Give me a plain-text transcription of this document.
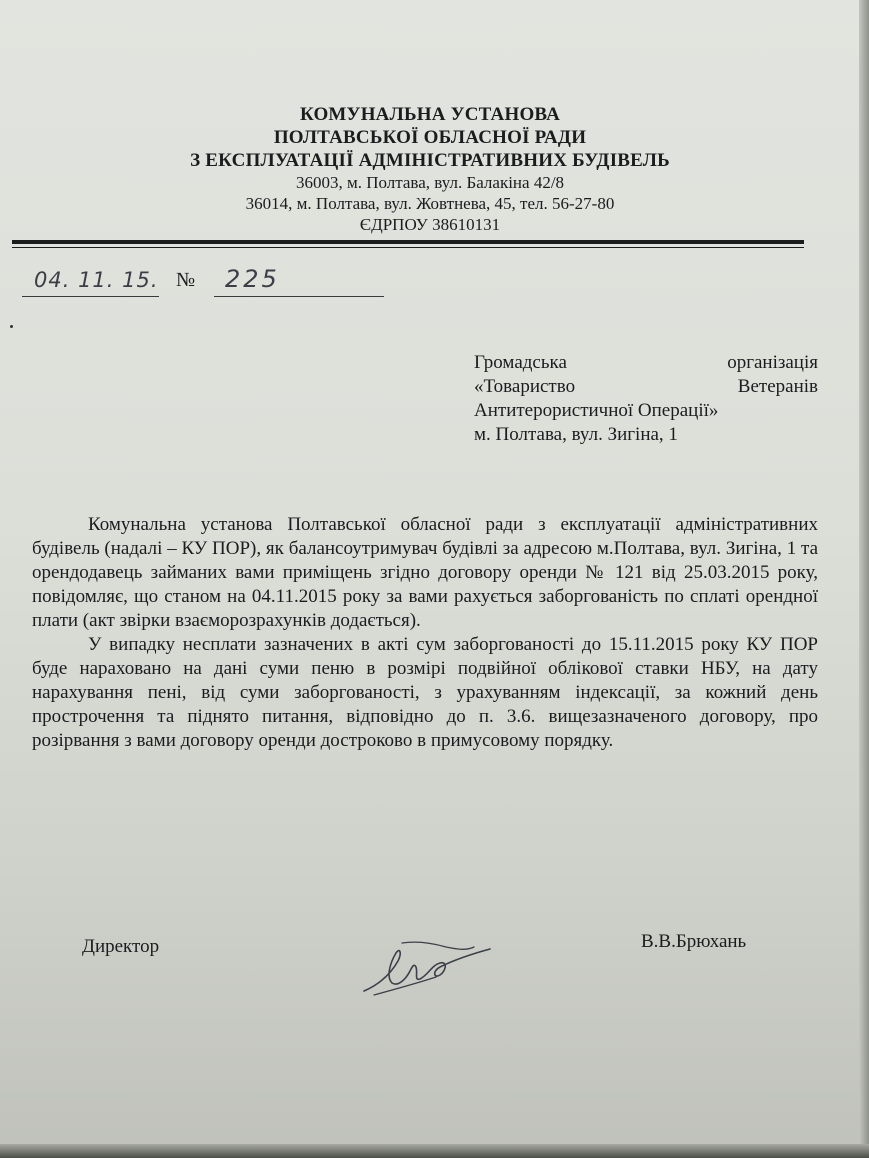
КОМУНАЛЬНА УСТАНОВА
ПОЛТАВСЬКОЇ ОБЛАСНОЇ РАДИ
З ЕКСПЛУАТАЦІЇ АДМІНІСТРАТИВНИХ БУДІВЕЛЬ
36003, м. Полтава, вул. Балакіна 42/8
36014, м. Полтава, вул. Жовтнева, 45, тел. 56-27-80
ЄДРПОУ 38610131
04. 11. 15. № 225
Громадська організація
«Товариство Ветеранів
Антитерористичної Операції»
м. Полтава, вул. Зигіна, 1

Комунальна установа Полтавської обласної ради з експлуатації адміністративних будівель (надалі – КУ ПОР), як балансоутримувач будівлі за адресою м.Полтава, вул. Зигіна, 1 та орендодавець займаних вами приміщень згідно договору оренди № 121 від 25.03.2015 року, повідомляє, що станом на 04.11.2015 року за вами рахується заборгованість по сплаті орендної плати (акт звірки взаєморозрахунків додається).

У випадку несплати зазначених в акті сум заборгованості до 15.11.2015 року КУ ПОР буде нараховано на дані суми пеню в розмірі подвійної облікової ставки НБУ, на дату нарахування пені, від суми заборгованості, з урахуванням індексації, за кожний день прострочення та піднято питання, відповідно до п. 3.6. вищезазначеного договору, про розірвання з вами договору оренди достроково в примусовому порядку.

Директор	В.В.Брюхань
